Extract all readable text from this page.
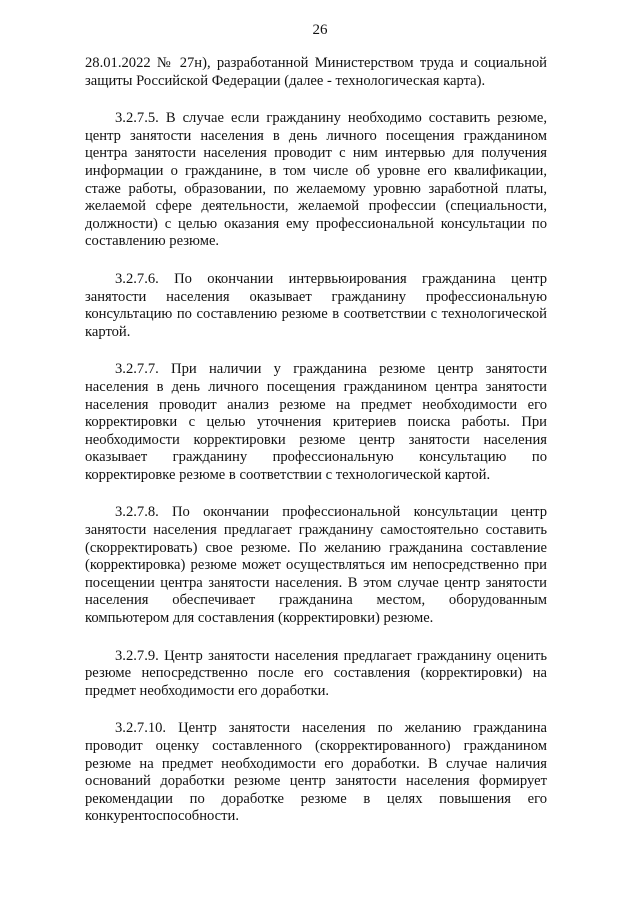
26

28.01.2022 № 27н), разработанной Министерством труда и социальной защиты Российской Федерации (далее - технологическая карта).

3.2.7.5. В случае если гражданину необходимо составить резюме, центр занятости населения в день личного посещения гражданином центра занятости населения проводит с ним интервью для получения информации о гражданине, в том числе об уровне его квалификации, стаже работы, образовании, по желаемому уровню заработной платы, желаемой сфере деятельности, желаемой профессии (специальности, должности) с целью оказания ему профессиональной консультации по составлению резюме.

3.2.7.6. По окончании интервьюирования гражданина центр занятости населения оказывает гражданину профессиональную консультацию по составлению резюме в соответствии с технологической картой.

3.2.7.7. При наличии у гражданина резюме центр занятости населения в день личного посещения гражданином центра занятости населения проводит анализ резюме на предмет необходимости его корректировки с целью уточнения критериев поиска работы. При необходимости корректировки резюме центр занятости населения оказывает гражданину профессиональную консультацию по корректировке резюме в соответствии с технологической картой.

3.2.7.8. По окончании профессиональной консультации центр занятости населения предлагает гражданину самостоятельно составить (скорректировать) свое резюме. По желанию гражданина составление (корректировка) резюме может осуществляться им непосредственно при посещении центра занятости населения. В этом случае центр занятости населения обеспечивает гражданина местом, оборудованным компьютером для составления (корректировки) резюме.

3.2.7.9. Центр занятости населения предлагает гражданину оценить резюме непосредственно после его составления (корректировки) на предмет необходимости его доработки.

3.2.7.10. Центр занятости населения по желанию гражданина проводит оценку составленного (скорректированного) гражданином резюме на предмет необходимости его доработки. В случае наличия оснований доработки резюме центр занятости населения формирует рекомендации по доработке резюме в целях повышения его конкурентоспособности.
